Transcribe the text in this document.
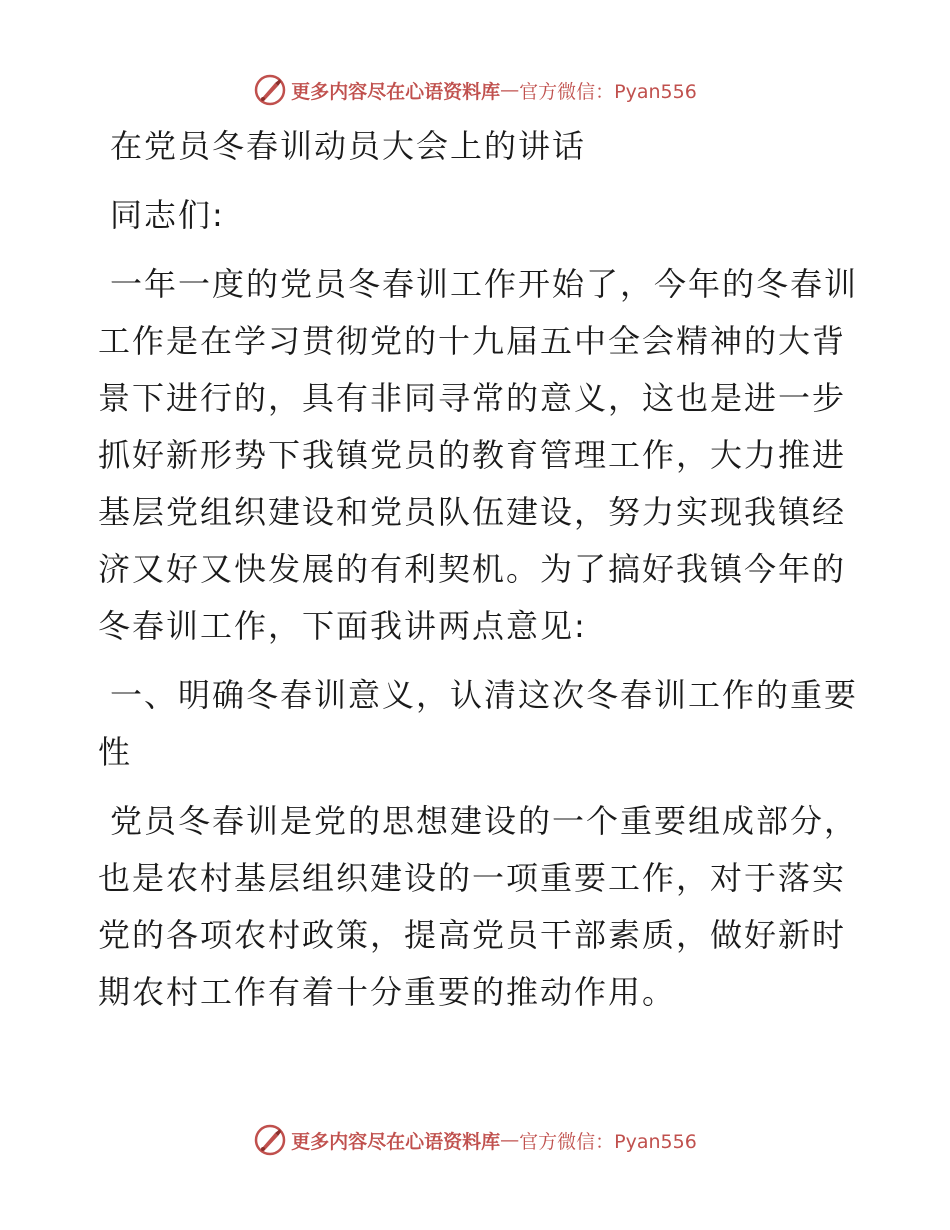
更多内容尽在心语资料库 — 官方微信：Pyan556

在党员冬春训动员大会上的讲话

同志们:

一年一度的党员冬春训工作开始了，今年的冬春训工作是在学习贯彻党的十九届五中全会精神的大背景下进行的，具有非同寻常的意义，这也是进一步抓好新形势下我镇党员的教育管理工作，大力推进基层党组织建设和党员队伍建设，努力实现我镇经济又好又快发展的有利契机。为了搞好我镇今年的冬春训工作，下面我讲两点意见:

一、明确冬春训意义，认清这次冬春训工作的重要性

党员冬春训是党的思想建设的一个重要组成部分，也是农村基层组织建设的一项重要工作，对于落实党的各项农村政策，提高党员干部素质，做好新时期农村工作有着十分重要的推动作用。

更多内容尽在心语资料库 — 官方微信：Pyan556
